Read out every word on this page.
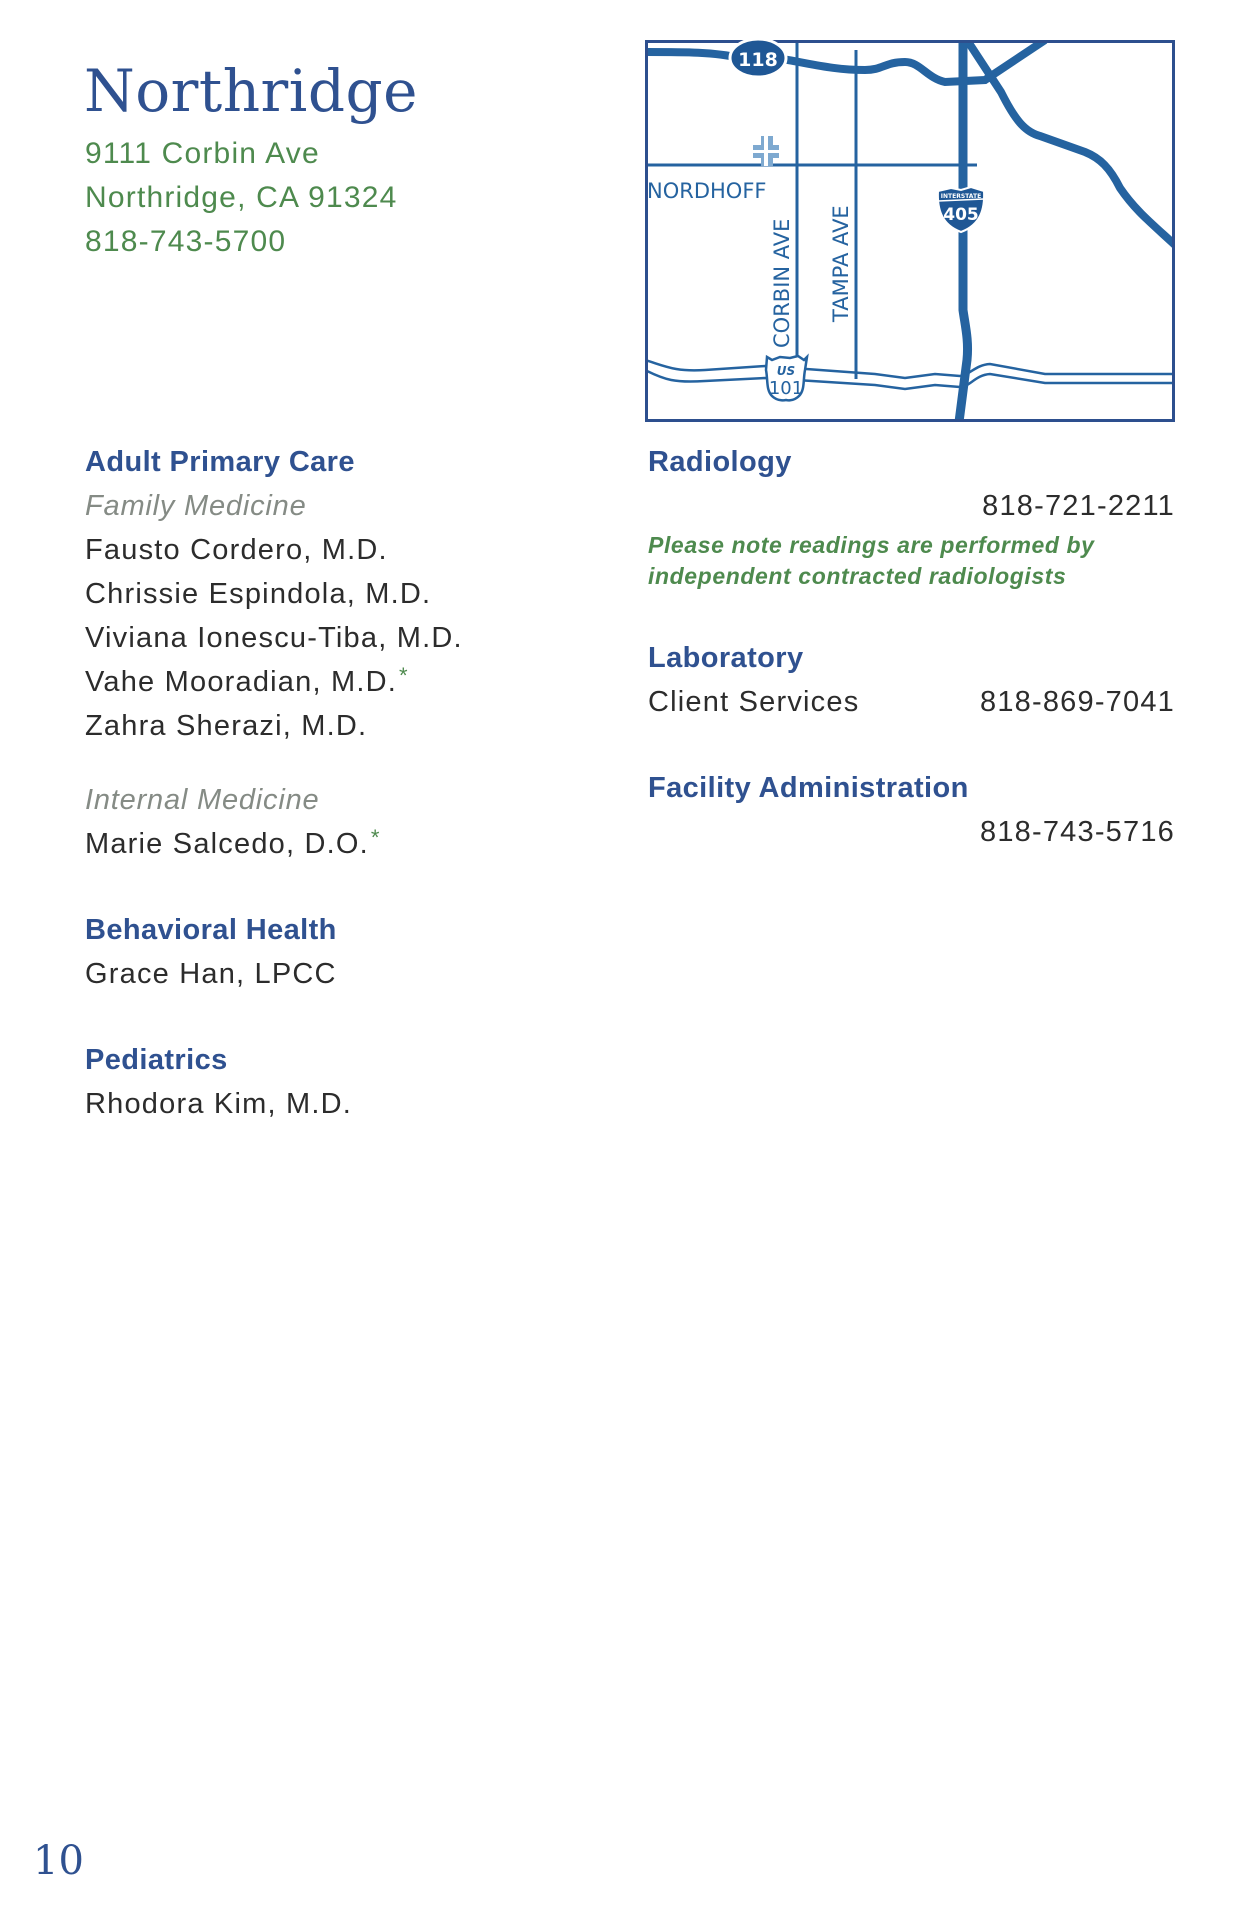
Northridge
9111 Corbin Ave
Northridge, CA 91324
818-743-5700
118
NORDHOFF
CORBIN AVE TAMPA AVE
INTERSTATE
405
US
101
Adult Primary Care
Family Medicine
Fausto Cordero, M.D.
Chrissie Espindola, M.D.
Viviana Ionescu-Tiba, M.D.
Vahe Mooradian, M.D.*
Zahra Sherazi, M.D.
Internal Medicine
Marie Salcedo, D.O.*
Behavioral Health
Grace Han, LPCC
Pediatrics
Rhodora Kim, M.D.
Radiology
818-721-2211
Please note readings are performed by independent contracted radiologists
Laboratory
Client Services	818-869-7041
Facility Administration
818-743-5716

10
